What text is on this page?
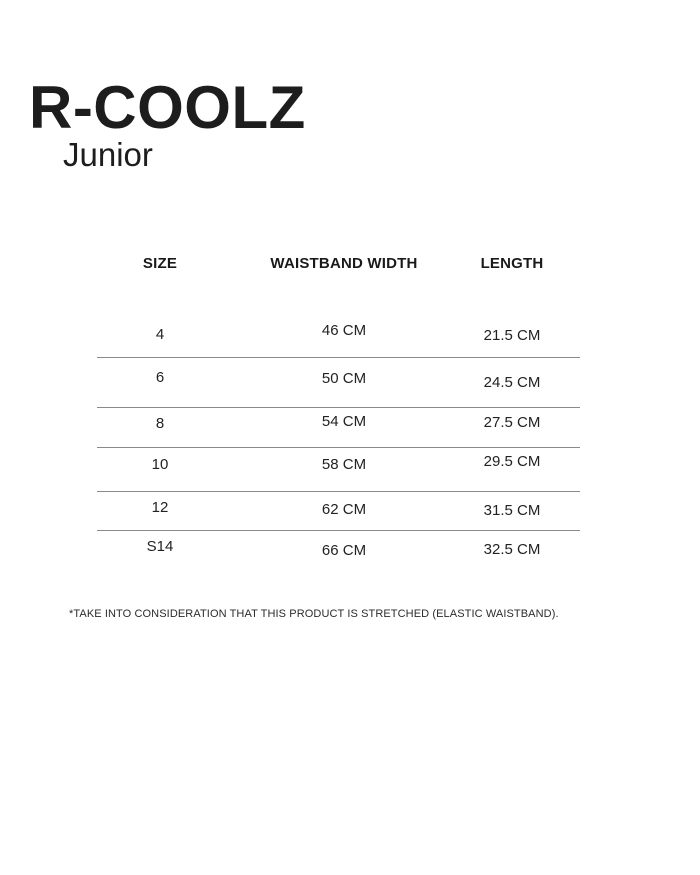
R-COOLZ
Junior
SIZE	WAISTBAND WIDTH	LENGTH
4	46 CM	21.5 CM
6	50 CM	24.5 CM
8	54 CM	27.5 CM
10	58 CM	29.5 CM
12	62 CM	31.5 CM
S14	66 CM	32.5 CM
*TAKE INTO CONSIDERATION THAT THIS PRODUCT IS STRETCHED (ELASTIC WAISTBAND).
